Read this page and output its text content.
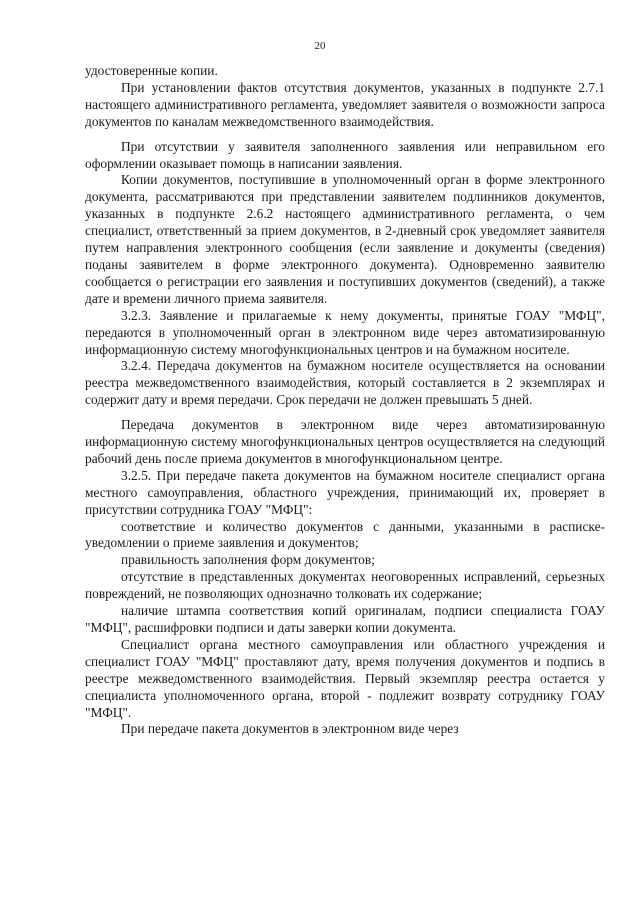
20

удостоверенные копии.

При установлении фактов отсутствия документов, указанных в подпункте 2.7.1 настоящего административного регламента, уведомляет заявителя о возможности запроса документов по каналам межведомственного взаимодействия.

При отсутствии у заявителя заполненного заявления или неправильном его оформлении оказывает помощь в написании заявления.

Копии документов, поступившие в уполномоченный орган в форме электронного документа, рассматриваются при представлении заявителем подлинников документов, указанных в подпункте 2.6.2 настоящего административного регламента, о чем специалист, ответственный за прием документов, в 2-дневный срок уведомляет заявителя путем направления электронного сообщения (если заявление и документы (сведения) поданы заявителем в форме электронного документа). Одновременно заявителю сообщается о регистрации его заявления и поступивших документов (сведений), а также дате и времени личного приема заявителя.

3.2.3. Заявление и прилагаемые к нему документы, принятые ГОАУ "МФЦ", передаются в уполномоченный орган в электронном виде через автоматизированную информационную систему многофункциональных центров и на бумажном носителе.

3.2.4. Передача документов на бумажном носителе осуществляется на основании реестра межведомственного взаимодействия, который составляется в 2 экземплярах и содержит дату и время передачи. Срок передачи не должен превышать 5 дней.

Передача документов в электронном виде через автоматизированную информационную систему многофункциональных центров осуществляется на следующий рабочий день после приема документов в многофункциональном центре.

3.2.5. При передаче пакета документов на бумажном носителе специалист органа местного самоуправления, областного учреждения, принимающий их, проверяет в присутствии сотрудника ГОАУ "МФЦ":

соответствие и количество документов с данными, указанными в расписке-уведомлении о приеме заявления и документов;

правильность заполнения форм документов;

отсутствие в представленных документах неоговоренных исправлений, серьезных повреждений, не позволяющих однозначно толковать их содержание;

наличие штампа соответствия копий оригиналам, подписи специалиста ГОАУ "МФЦ", расшифровки подписи и даты заверки копии документа.

Специалист органа местного самоуправления или областного учреждения и специалист ГОАУ "МФЦ" проставляют дату, время получения документов и подпись в реестре межведомственного взаимодействия. Первый экземпляр реестра остается у специалиста уполномоченного органа, второй - подлежит возврату сотруднику ГОАУ "МФЦ".

При передаче пакета документов в электронном виде через
